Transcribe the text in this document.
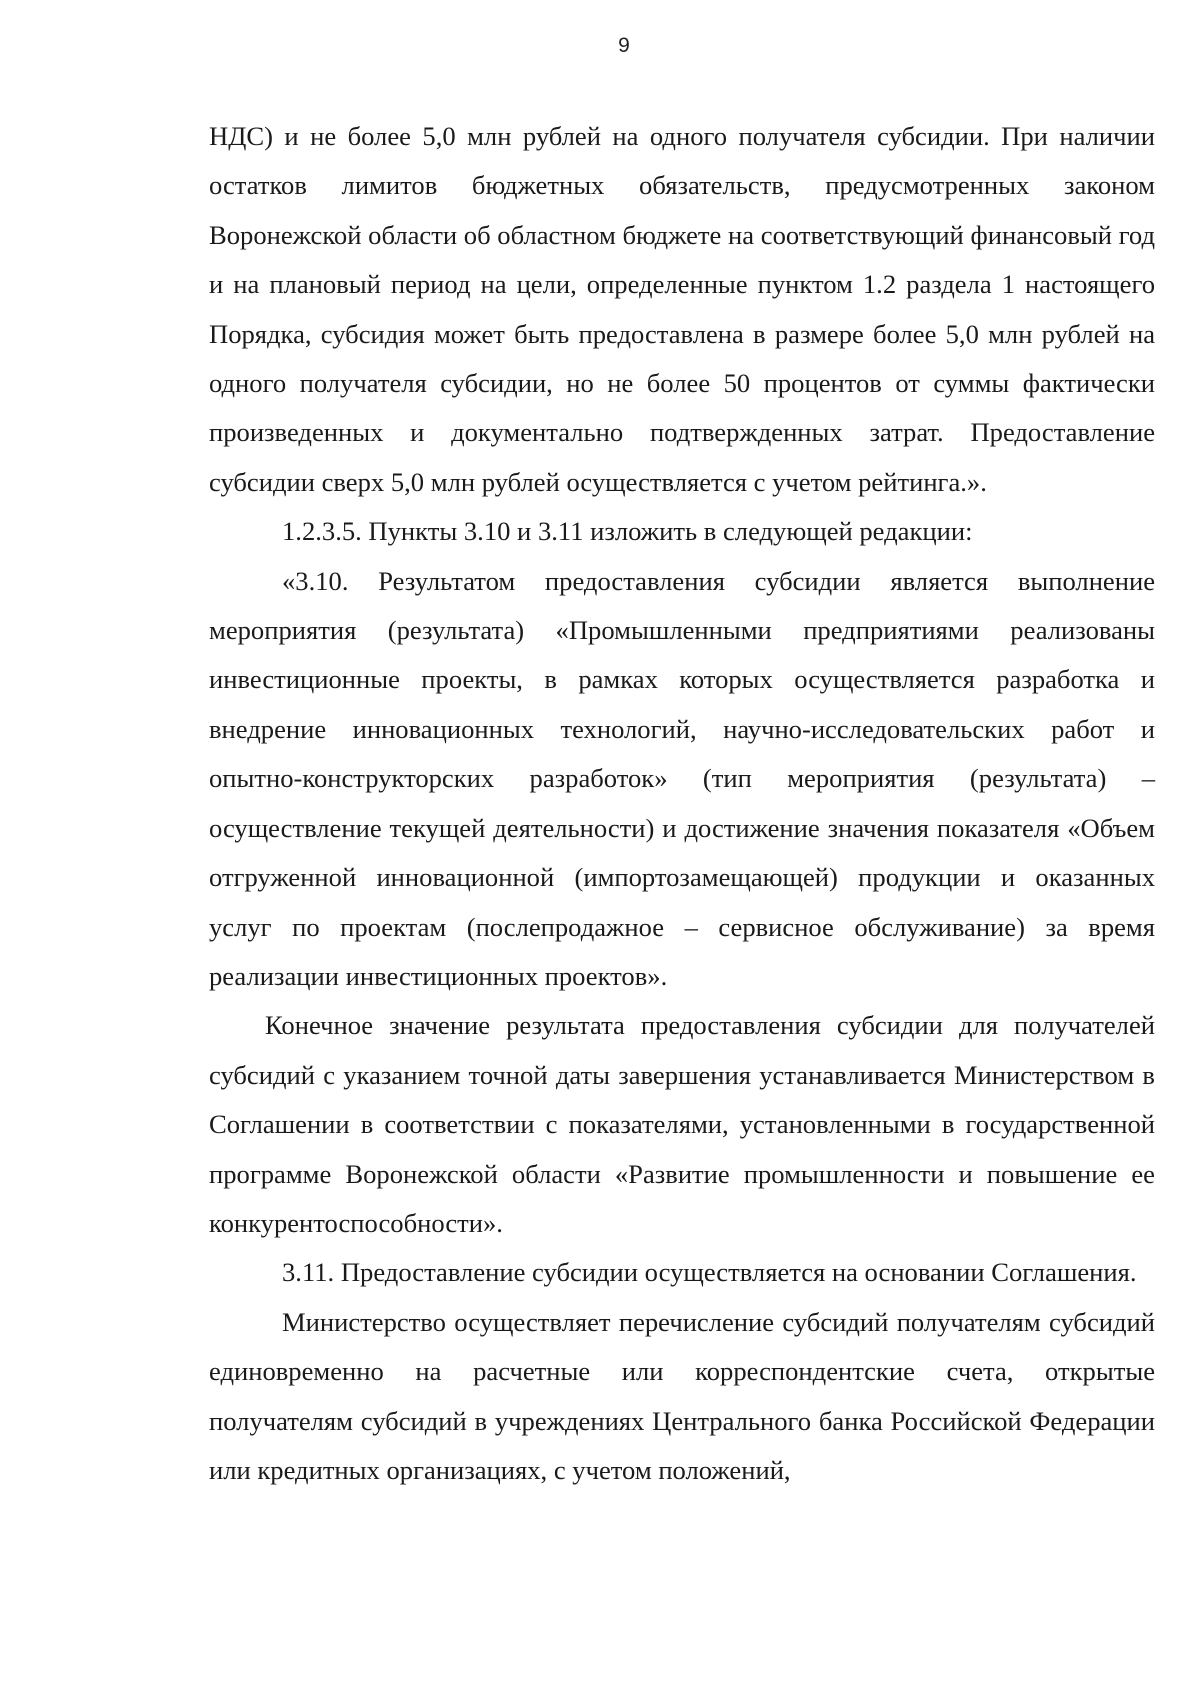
9

НДС) и не более 5,0 млн рублей на одного получателя субсидии. При наличии остатков лимитов бюджетных обязательств, предусмотренных законом Воронежской области об областном бюджете на соответствующий финансовый год и на плановый период на цели, определенные пунктом 1.2 раздела 1 настоящего Порядка, субсидия может быть предоставлена в размере более 5,0 млн рублей на одного получателя субсидии, но не более 50 процентов от суммы фактически произведенных и документально подтвержденных затрат. Предоставление субсидии сверх 5,0 млн рублей осуществляется с учетом рейтинга.».

1.2.3.5. Пункты 3.10 и 3.11 изложить в следующей редакции:

«3.10. Результатом предоставления субсидии является выполнение мероприятия (результата) «Промышленными предприятиями реализованы инвестиционные проекты, в рамках которых осуществляется разработка и внедрение инновационных технологий, научно-исследовательских работ и опытно-конструкторских разработок» (тип мероприятия (результата) – осуществление текущей деятельности) и достижение значения показателя «Объем отгруженной инновационной (импортозамещающей) продукции и оказанных услуг по проектам (послепродажное – сервисное обслуживание) за время реализации инвестиционных проектов».

Конечное значение результата предоставления субсидии для получателей субсидий с указанием точной даты завершения устанавливается Министерством в Соглашении в соответствии с показателями, установленными в государственной программе Воронежской области «Развитие промышленности и повышение ее конкурентоспособности».

3.11. Предоставление субсидии осуществляется на основании Соглашения.

Министерство осуществляет перечисление субсидий получателям субсидий единовременно на расчетные или корреспондентские счета, открытые получателям субсидий в учреждениях Центрального банка Российской Федерации или кредитных организациях, с учетом положений,
